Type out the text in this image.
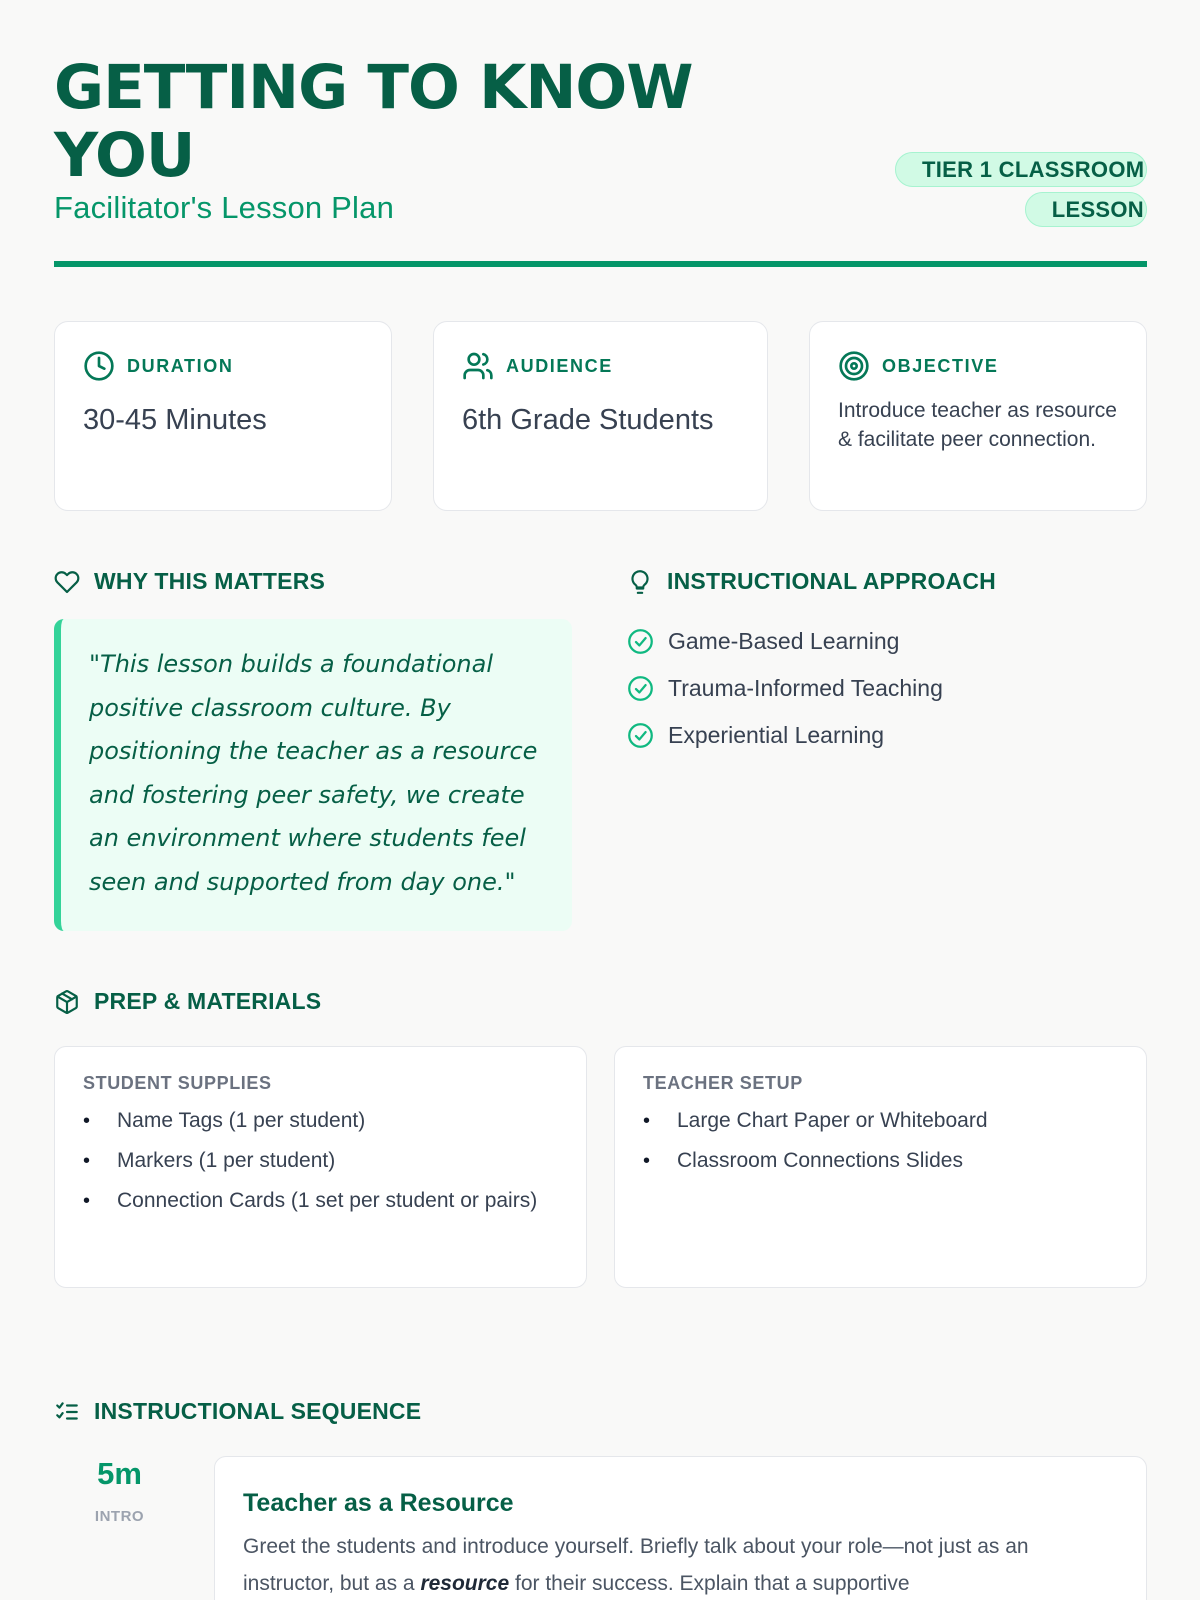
GETTING TO KNOW YOU
Facilitator's Lesson Plan
TIER 1 CLASSROOM LESSON
DURATION
30-45 Minutes
AUDIENCE
6th Grade Students
OBJECTIVE
Introduce teacher as resource & facilitate peer connection.
WHY THIS MATTERS
"This lesson builds a foundational positive classroom culture. By positioning the teacher as a resource and fostering peer safety, we create an environment where students feel seen and supported from day one."
INSTRUCTIONAL APPROACH
Game-Based Learning
Trauma-Informed Teaching
Experiential Learning
PREP & MATERIALS
STUDENT SUPPLIES
• Name Tags (1 per student)
• Markers (1 per student)
• Connection Cards (1 set per student or pairs)
TEACHER SETUP
• Large Chart Paper or Whiteboard
• Classroom Connections Slides
INSTRUCTIONAL SEQUENCE
5m
INTRO	Teacher as a Resource

Greet the students and introduce yourself. Briefly talk about your role—not just as an instructor, but as a resource for their success. Explain that a supportive
